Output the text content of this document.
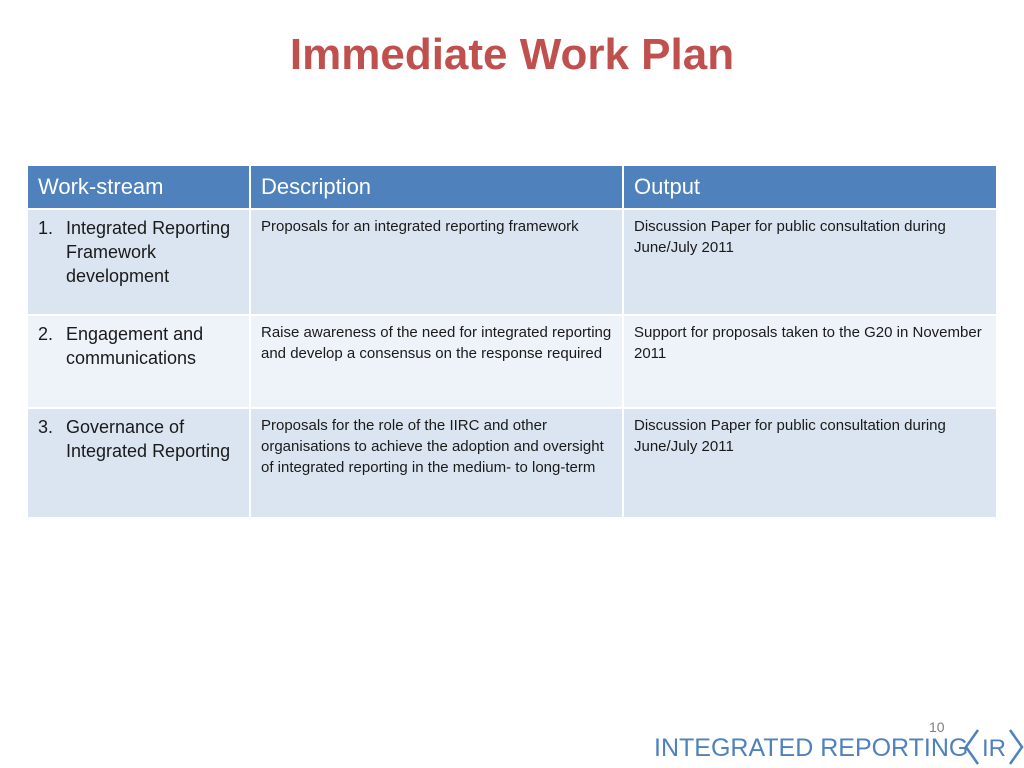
Immediate Work Plan
Work-stream	Description	Output

1. Integrated Reporting Framework development	Proposals for an integrated reporting framework	Discussion Paper for public consultation during June/July 2011

2. Engagement and communications	Raise awareness of the need for integrated reporting and develop a consensus on the response required	Support for proposals taken to the G20 in November 2011

3. Governance of Integrated Reporting	Proposals for the role of the IIRC and other organisations to achieve the adoption and oversight of integrated reporting in the medium- to long-term	Discussion Paper for public consultation during June/July 2011
10
INTEGRATED REPORTING IR
